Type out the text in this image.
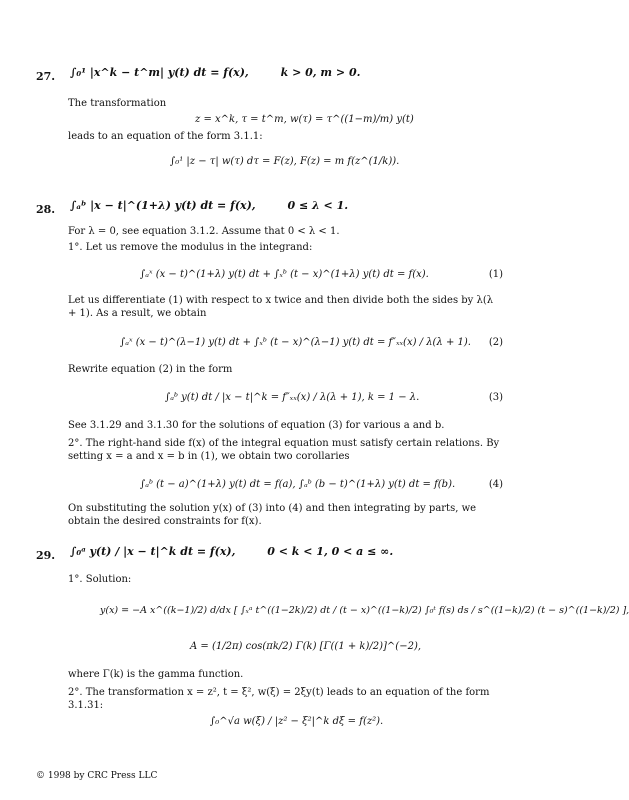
27. ∫₀¹ |x^k − t^m| y(t) dt = f(x),	k > 0, m > 0.
The transformation
z = x^k, τ = t^m, w(τ) = τ^((1−m)/m) y(t)
leads to an equation of the form 3.1.1:
∫₀¹ |z − τ| w(τ) dτ = F(z), F(z) = m f(z^(1/k)).
28. ∫ₐᵇ |x − t|^(1+λ) y(t) dt = f(x),	0 ≤ λ < 1.
For λ = 0, see equation 3.1.2. Assume that 0 < λ < 1.
1°. Let us remove the modulus in the integrand:
∫ₐˣ (x − t)^(1+λ) y(t) dt + ∫ₓᵇ (t − x)^(1+λ) y(t) dt = f(x).	(1)
Let us differentiate (1) with respect to x twice and then divide both the sides by λ(λ + 1). As a result, we obtain
∫ₐˣ (x − t)^(λ−1) y(t) dt + ∫ₓᵇ (t − x)^(λ−1) y(t) dt = f″ₓₓ(x) / λ(λ + 1). (2)
Rewrite equation (2) in the form
∫ₐᵇ y(t) dt / |x − t|^k = f″ₓₓ(x) / λ(λ + 1), k = 1 − λ.	(3)
See 3.1.29 and 3.1.30 for the solutions of equation (3) for various a and b.
2°. The right-hand side f(x) of the integral equation must satisfy certain relations. By setting x = a and x = b in (1), we obtain two corollaries
∫ₐᵇ (t − a)^(1+λ) y(t) dt = f(a), ∫ₐᵇ (b − t)^(1+λ) y(t) dt = f(b).	(4)
On substituting the solution y(x) of (3) into (4) and then integrating by parts, we obtain the desired constraints for f(x).
29. ∫₀ᵃ y(t) / |x − t|^k dt = f(x),	0 < k < 1, 0 < a ≤ ∞.
1°. Solution:
y(x) = −A x^((k−1)/2) d/dx [ ∫ₓᵃ t^((1−2k)/2) dt / (t − x)^((1−k)/2) ∫₀ᵗ f(s) ds / s^((1−k)/2) (t − s)^((1−k)/2) ],
A = (1/2π) cos(πk/2) Γ(k) [Γ((1 + k)/2)]^(−2),
where Γ(k) is the gamma function.
2°. The transformation x = z², t = ξ², w(ξ) = 2ξy(t) leads to an equation of the form 3.1.31:
∫₀^√a w(ξ) / |z² − ξ²|^k dξ = f(z²).
© 1998 by CRC Press LLC
